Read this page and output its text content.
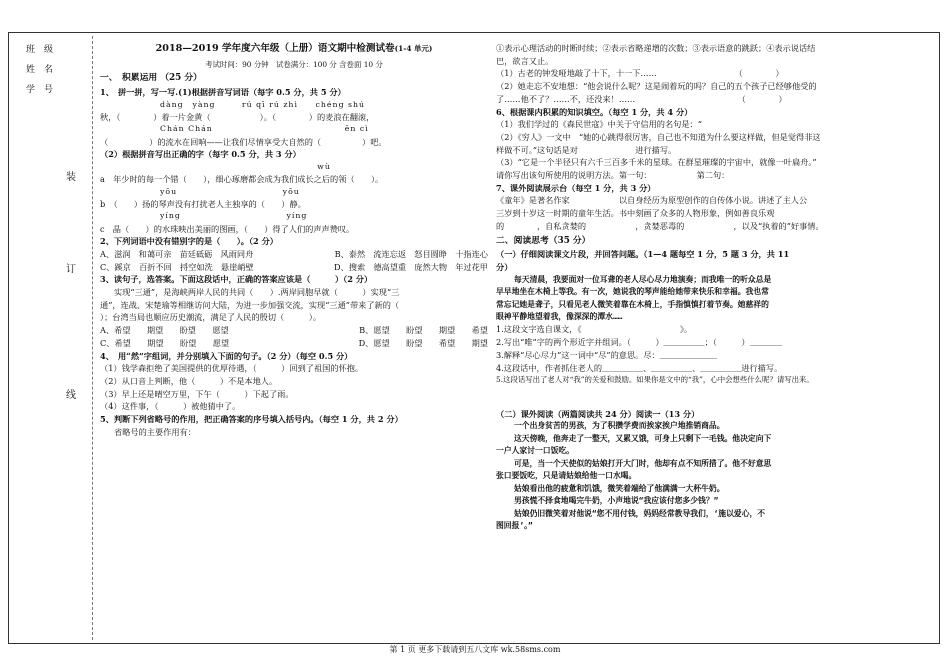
班　级
姓　名
学　号
装
订
线
2018—2019 学年度六年级（上册）语文期中检测试卷(1-4 单元)
考试时间：90 分钟　试卷满分：100 分 含卷面 10 分
一、　积累运用 （25 分）
1、　拼一拼，写一写.(1)根据拼音写词语（每字 0.5 分，共 5 分）
dàng　yàng　　　rú qī rú zhì　　chéng shú
秋，（　　　　）着一片金黄（　　　　　　）。（　　　　）的麦浪在翻滚，
Chán Chán　　　　　　　　　　　　　　　ēn cì
（　　　　　）的流水在回响——让我们尽情享受大自然的（　　　　　）吧。
（2）根据拼音写出正确的字（每字 0.5 分，共 3 分）
wù
a　年少时的每一个错（　　），细心琢磨都会成为我们成长之后的领（　　）。
yōu　　　　　　　　　　　　yōu
b　（　　）扬的琴声没有打扰老人主独享的（　　）静。
yíng　　　　　　　　　　　　yíng
c　晶（　　）的水珠映出美丽的图画，（　　）得了人们的声声赞叹。
2、下列词语中没有错别字的是（　　）。（2 分）
A、滋润　和蔼可亲　苗廷砥砺　风雨同舟	B、泰然　流连忘返　怒目圆睁　十指连心
C、蹊京　百折不回　捋空如洗　悬崖峭壁	D、搜索　德高望重　庞然大物　年过花甲
3、读句子，选答案。下面这段话中，正确的答案应该是（　　　）（2 分）
实现“三通”，是海峡两岸人民的共同（　　）.两岸同胞早就（　　　）实现“三
通”，连战、宋楚瑜等相继访问大陆，为进一步加强交流，实现“三通”带来了新的（　　
）；台湾当局也顺应历史潮流，满足了人民的殷切（　　　）。
A、希望　　期望　　盼望　　愿望	B、愿望　　盼望　　期望　　希望
C、希望　　期望　　盼望　　愿望	D、愿望　　盼望　　希望　　期望
4、　用“然”字组词，并分别填入下面的句子。（2 分）（每空 0.5 分）
（1）钱学森拒绝了美国提供的优厚待遇，（　　　）回到了祖国的怀抱。
（2）从口音上判断，他（　　　）不是本地人。
（3）早上还是晴空万里，下午（　　　）下起了雨。
（4）这件事，（　　　）被他猜中了。
5、判断下列省略号的作用，把正确答案的序号填入括号内。（每空 1 分，共 2 分）
省略号的主要作用有：
①表示心理活动的时断时续；②表示省略递增的次数；③表示语意的跳跃；④表示说话结
巴，欲言又止。
（1）古老的钟发哑地敲了十下，十一下……　　　　　　　　　　（　　　　）
（2）她走忘不安地想：“他会说什么呢？这是闹着玩的吗？自己的五个孩子已经够他受的
了……他不了？……不，还没来！……　　　　　　　　　　　　　（　　　　）
6、根据课内积累的知识填空。（每空 1 分，共 4 分）
（1）我们学过的《森民世寇》中关于守信用的名句是：“
（2）《穷人》一文中　“她的心跳得很厉害，自己也不知道为什么要这样做，但是觉得非这
样做不可。”这句话是对　　　　　　　进行描写。
（3）“它是一个半径只有六千三百多千米的星球。在群星璀璨的宇宙中，就像一叶扁舟。”
请你写出该句所使用的说明方法。第一句：　　　　　　第二句：
7、课外阅读展示台（每空 1 分，共 3 分）
《童年》是著名作家　　　　　　以自身经历为原型创作的自传体小说。讲述了主人公
三岁到十岁这一时期的童年生活。书中刻画了众多的人物形象，例如善良乐观
的　　　　，自私贪婪的　　　　　　，贪婪恶毒的　　　　　　，以及“执着的”好事情。
二、阅读思考（35 分）
（一）仔细阅读课文片段，并回答问题。（1—4 题每空 1 分，5 题 3 分，共 11
分）
每天清晨，我要面对一位耳聋的老人尽心尽力地演奏；而我唯一的听众总是
早早地坐在木椅上等我。有一次，她说我的琴声能给她带来快乐和幸福。我也常
常忘记她是聋子，只看见老人微笑着靠在木椅上，手指慎慎打着节奏。她慈祥的
眼神平静地望着我，像深深的潭水……
1.这段文字选自课文，《　　　　　　　　　　　　》。
2.写出“唯”字的两个形近字并组词。（　　　）＿＿＿＿＿；（　　　）＿＿＿＿
3.解释“尽心尽力”这一词中“尽”的意思。尽：＿＿＿＿＿＿＿
4.这段话中，作者抓住老人的＿＿＿＿＿、＿＿＿＿＿、＿＿＿＿＿进行描写。
5.这段话写出了老人对“我”的关爱和鼓励。如果你是文中的“我”，心中会想些什么呢？请写出来。
（二）课外阅读（两篇阅读共 24 分）阅读一（13 分）
一个出身贫苦的男孩，为了积攒学费而挨家挨户地推销商品。
这天傍晚，他奔走了一整天，又累又饿，可身上只剩下一毛钱。他决定向下
一户人家讨一口饭吃。
可是，当一个天使似的姑娘打开大门时，他却有点不知所措了。他不好意思
张口要饭吃，只是请姑娘给他一口水喝。
姑娘看出他的疲惫和饥饿，微笑着端给了他满满一大杯牛奶。
男孩慌不择食地喝完牛奶，小声地说“我应该付您多少钱？”
姑娘仍旧微笑着对他说“您不用付钱，妈妈经常教导我们，‘施以爱心，不
图回报’。”
第 1 页 更多下载请到五八文库 wk.58sms.com
